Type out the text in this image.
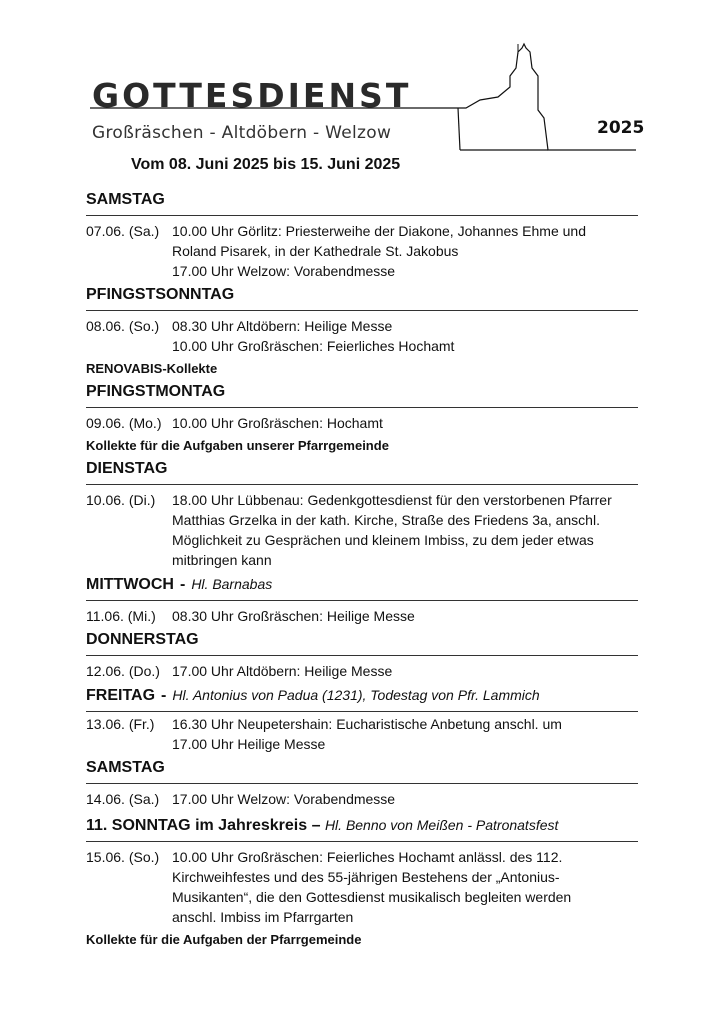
GOTTESDIENST
Großräschen - Altdöbern - Welzow	2025
Vom 08. Juni 2025 bis 15. Juni 2025
SAMSTAG
07.06. (Sa.) 10.00 Uhr Görlitz: Priesterweihe der Diakone, Johannes Ehme und
Roland Pisarek, in der Kathedrale St. Jakobus
17.00 Uhr Welzow: Vorabendmesse
PFINGSTSONNTAG
08.06. (So.) 08.30 Uhr Altdöbern: Heilige Messe
10.00 Uhr Großräschen: Feierliches Hochamt
RENOVABIS-Kollekte
PFINGSTMONTAG
09.06. (Mo.) 10.00 Uhr Großräschen: Hochamt
Kollekte für die Aufgaben unserer Pfarrgemeinde
DIENSTAG
10.06. (Di.)	18.00 Uhr Lübbenau: Gedenkgottesdienst für den verstorbenen Pfarrer
Matthias Grzelka in der kath. Kirche, Straße des Friedens 3a, anschl.
Möglichkeit zu Gesprächen und kleinem Imbiss, zu dem jeder etwas
mitbringen kann
MITTWOCH - Hl. Barnabas
11.06. (Mi.)	08.30 Uhr Großräschen: Heilige Messe
DONNERSTAG
12.06. (Do.) 17.00 Uhr Altdöbern: Heilige Messe
FREITAG - Hl. Antonius von Padua (1231), Todestag von Pfr. Lammich
13.06. (Fr.)	16.30 Uhr Neupetershain: Eucharistische Anbetung anschl. um
17.00 Uhr Heilige Messe
SAMSTAG
14.06. (Sa.) 17.00 Uhr Welzow: Vorabendmesse
11. SONNTAG im Jahreskreis – Hl. Benno von Meißen - Patronatsfest
15.06. (So.) 10.00 Uhr Großräschen: Feierliches Hochamt anlässl. des 112.
Kirchweihfestes und des 55-jährigen Bestehens der „Antonius-
Musikanten“, die den Gottesdienst musikalisch begleiten werden
anschl. Imbiss im Pfarrgarten
Kollekte für die Aufgaben der Pfarrgemeinde
